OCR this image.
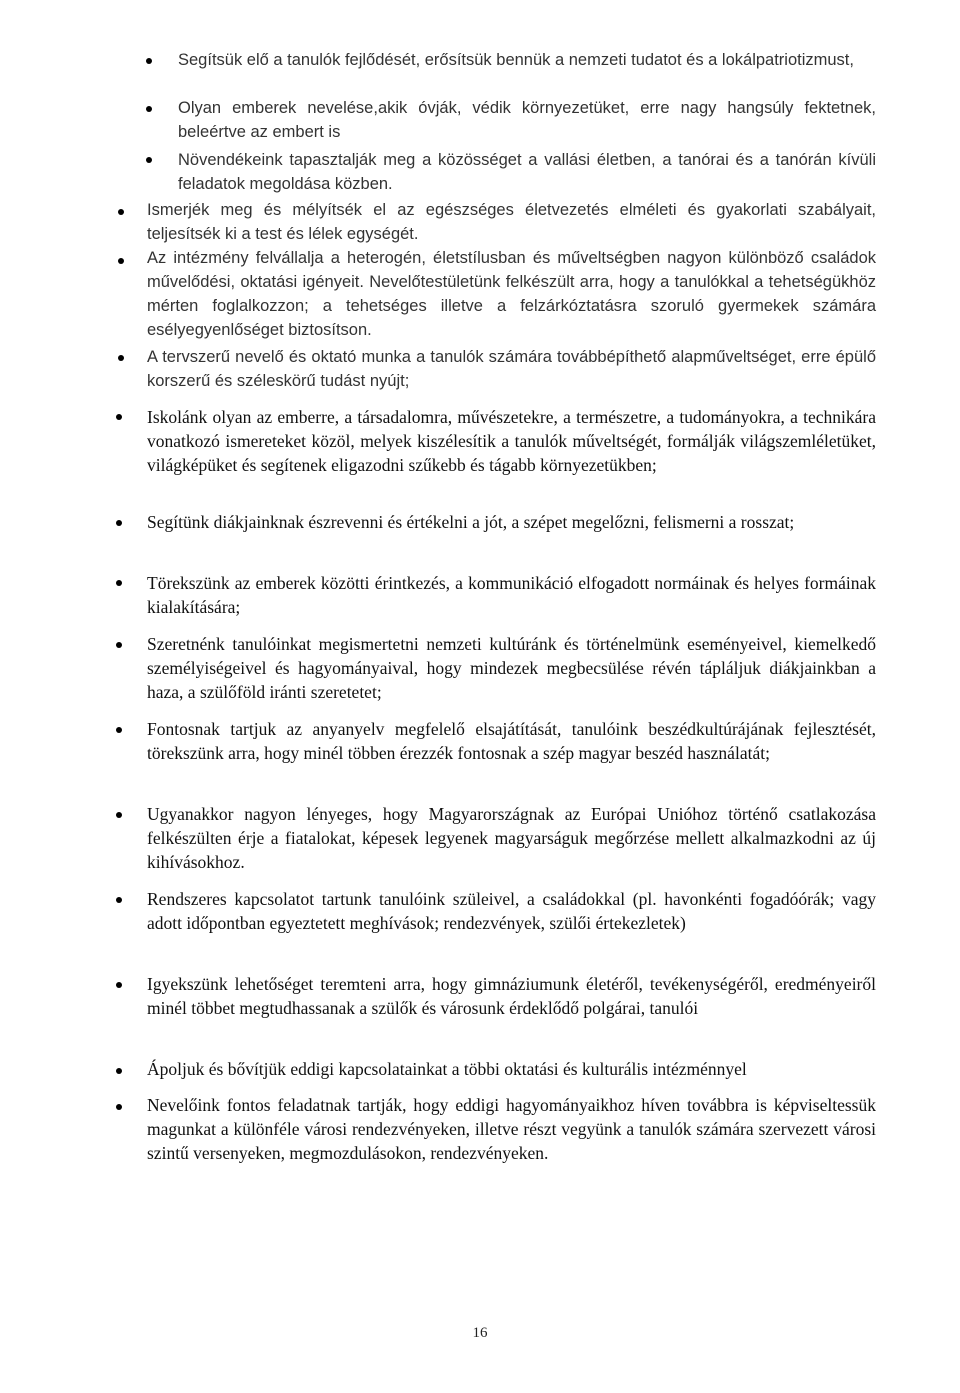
Segítsük elő a tanulók fejlődését, erősítsük bennük a nemzeti tudatot és a lokálpatriotizmust,
Olyan emberek nevelése,akik óvják, védik környezetüket, erre nagy hangsúly fektetnek, beleértve az embert is
Növendékeink tapasztalják meg a közösséget a vallási életben, a tanórai és a tanórán kívüli feladatok megoldása közben.
Ismerjék meg és mélyítsék el az egészséges életvezetés elméleti és gyakorlati szabályait, teljesítsék ki a test és lélek egységét.
Az intézmény felvállalja a heterogén, életstílusban és műveltségben nagyon különböző családok művelődési, oktatási igényeit. Nevelőtestületünk felkészült arra, hogy a tanulókkal a tehetségükhöz mérten foglalkozzon; a tehetséges illetve a felzárkóztatásra szoruló gyermekek számára esélyegyenlőséget biztosítson.
A tervszerű nevelő és oktató munka a tanulók számára továbbépíthető alapműveltséget, erre épülő korszerű és széleskörű tudást nyújt;
Iskolánk olyan az emberre, a társadalomra, művészetekre, a természetre, a tudományokra, a technikára vonatkozó ismereteket közöl, melyek kiszélesítik a tanulók műveltségét, formálják világszemléletüket, világképüket és segítenek eligazodni szűkebb és tágabb környezetükben;
Segítünk diákjainknak észrevenni és értékelni a jót, a szépet megelőzni, felismerni a rosszat;
Törekszünk az emberek közötti érintkezés, a kommunikáció elfogadott normáinak és helyes formáinak kialakítására;
Szeretnénk tanulóinkat megismertetni nemzeti kultúránk és történelmünk eseményeivel, kiemelkedő személyiségeivel és hagyományaival, hogy mindezek megbecsülése révén tápláljuk diákjainkban a haza, a szülőföld iránti szeretetet;
Fontosnak tartjuk az anyanyelv megfelelő elsajátítását, tanulóink beszédkultúrájának fejlesztését, törekszünk arra, hogy minél többen érezzék fontosnak a szép magyar beszéd használatát;
Ugyanakkor nagyon lényeges, hogy Magyarországnak az Európai Unióhoz történő csatlakozása felkészülten érje a fiatalokat, képesek legyenek magyarságuk megőrzése mellett alkalmazkodni az új kihívásokhoz.
Rendszeres kapcsolatot tartunk tanulóink szüleivel, a családokkal (pl. havonkénti fogadóórák; vagy adott időpontban egyeztetett meghívások; rendezvények, szülői értekezletek)
Igyekszünk lehetőséget teremteni arra, hogy gimnáziumunk életéről, tevékenységéről, eredményeiről minél többet megtudhassanak a szülők és városunk érdeklődő polgárai, tanulói
Ápoljuk és bővítjük eddigi kapcsolatainkat a többi oktatási és kulturális intézménnyel
Nevelőink fontos feladatnak tartják, hogy eddigi hagyományaikhoz híven továbbra is képviseltessük magunkat a különféle városi rendezvényeken, illetve részt vegyünk a tanulók számára szervezett városi szintű versenyeken, megmozdulásokon, rendezvényeken.
16
